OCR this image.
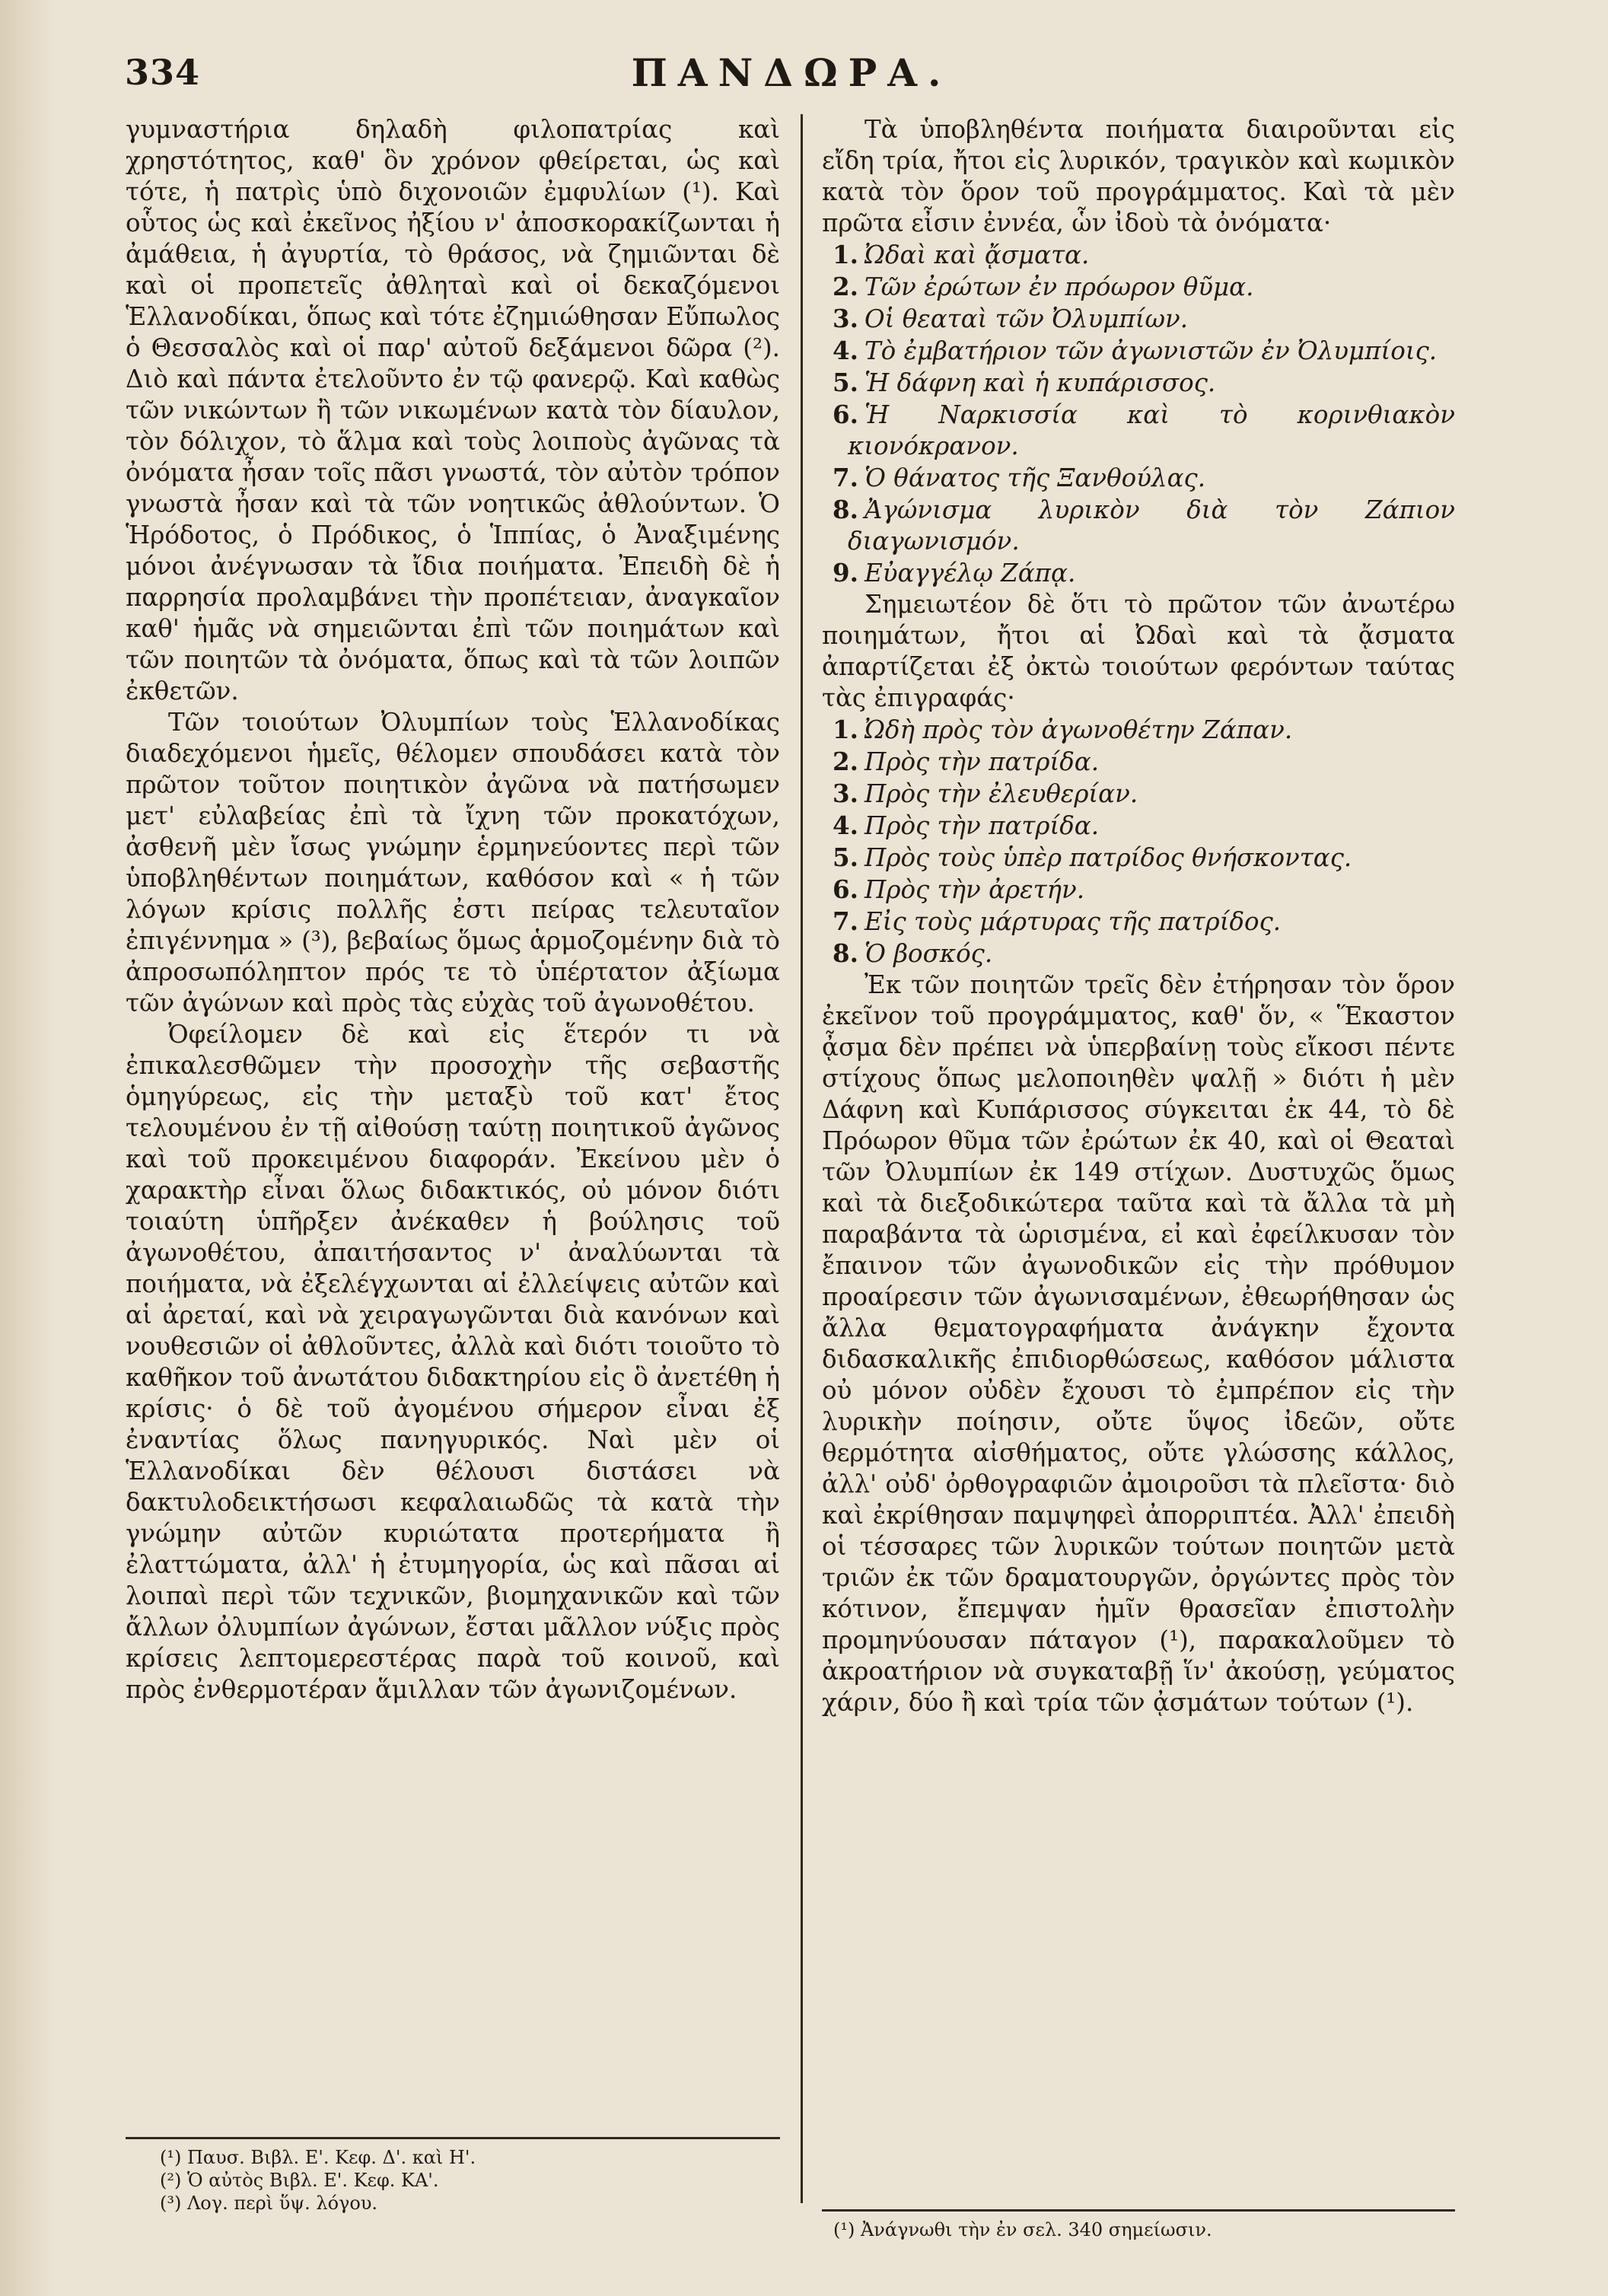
334	ΠΑΝΔΩΡΑ.

γυμναστήρια δηλαδὴ φιλοπατρίας καὶ χρηστότητος, καθ' ὃν χρόνον φθείρεται, ὡς καὶ τότε, ἡ πατρὶς ὑπὸ διχονοιῶν ἐμφυλίων (¹). Καὶ οὗτος ὡς καὶ ἐκεῖνος ἠξίου ν' ἀποσκορακίζωνται ἡ ἀμάθεια, ἡ ἀγυρτία, τὸ θράσος, νὰ ζημιῶνται δὲ καὶ οἱ προπετεῖς ἀθληταὶ καὶ οἱ δεκαζόμενοι Ἑλλανοδίκαι, ὅπως καὶ τότε ἐζημιώθησαν Εὔπωλος ὁ Θεσσαλὸς καὶ οἱ παρ' αὐτοῦ δεξάμενοι δῶρα (²). Διὸ καὶ πάντα ἐτελοῦντο ἐν τῷ φανερῷ. Καὶ καθὼς τῶν νικώντων ἢ τῶν νικωμένων κατὰ τὸν δίαυλον, τὸν δόλιχον, τὸ ἅλμα καὶ τοὺς λοιποὺς ἀγῶνας τὰ ὀνόματα ἦσαν τοῖς πᾶσι γνωστά, τὸν αὐτὸν τρόπον γνωστὰ ἦσαν καὶ τὰ τῶν νοητικῶς ἀθλούντων. Ὁ Ἡρόδοτος, ὁ Πρόδικος, ὁ Ἱππίας, ὁ Ἀναξιμένης μόνοι ἀνέγνωσαν τὰ ἴδια ποιήματα. Ἐπειδὴ δὲ ἡ παρρησία προλαμβάνει τὴν προπέτειαν, ἀναγκαῖον καθ' ἡμᾶς νὰ σημειῶνται ἐπὶ τῶν ποιημάτων καὶ τῶν ποιητῶν τὰ ὀνόματα, ὅπως καὶ τὰ τῶν λοιπῶν ἐκθετῶν.

Τῶν τοιούτων Ὀλυμπίων τοὺς Ἑλλανοδίκας διαδεχόμενοι ἡμεῖς, θέλομεν σπουδάσει κατὰ τὸν πρῶτον τοῦτον ποιητικὸν ἀγῶνα νὰ πατήσωμεν μετ' εὐλαβείας ἐπὶ τὰ ἴχνη τῶν προκατόχων, ἀσθενῆ μὲν ἴσως γνώμην ἑρμηνεύοντες περὶ τῶν ὑποβληθέντων ποιημάτων, καθόσον καὶ « ἡ τῶν λόγων κρίσις πολλῆς ἐστι πείρας τελευταῖον ἐπιγέννημα » (³), βεβαίως ὅμως ἁρμοζομένην διὰ τὸ ἀπροσωπόληπτον πρός τε τὸ ὑπέρτατον ἀξίωμα τῶν ἀγώνων καὶ πρὸς τὰς εὐχὰς τοῦ ἀγωνοθέτου.

Ὀφείλομεν δὲ καὶ εἰς ἕτερόν τι νὰ ἐπικαλεσθῶμεν τὴν προσοχὴν τῆς σεβαστῆς ὁμηγύρεως, εἰς τὴν μεταξὺ τοῦ κατ' ἔτος τελουμένου ἐν τῇ αἰθούσῃ ταύτῃ ποιητικοῦ ἀγῶνος καὶ τοῦ προκειμένου διαφοράν. Ἐκείνου μὲν ὁ χαρακτὴρ εἶναι ὅλως διδακτικός, οὐ μόνον διότι τοιαύτη ὑπῆρξεν ἀνέκαθεν ἡ βούλησις τοῦ ἀγωνοθέτου, ἀπαιτήσαντος ν' ἀναλύωνται τὰ ποιήματα, νὰ ἐξελέγχωνται αἱ ἐλλείψεις αὐτῶν καὶ αἱ ἀρεταί, καὶ νὰ χειραγωγῶνται διὰ κανόνων καὶ νουθεσιῶν οἱ ἀθλοῦντες, ἀλλὰ καὶ διότι τοιοῦτο τὸ καθῆκον τοῦ ἀνωτάτου διδακτηρίου εἰς ὃ ἀνετέθη ἡ κρίσις· ὁ δὲ τοῦ ἀγομένου σήμερον εἶναι ἐξ ἐναντίας ὅλως πανηγυρικός. Ναὶ μὲν οἱ Ἑλλανοδίκαι δὲν θέλουσι διστάσει νὰ δακτυλοδεικτήσωσι κεφαλαιωδῶς τὰ κατὰ τὴν γνώμην αὐτῶν κυριώτατα προτερήματα ἢ ἐλαττώματα, ἀλλ' ἡ ἐτυμηγορία, ὡς καὶ πᾶσαι αἱ λοιπαὶ περὶ τῶν τεχνικῶν, βιομηχανικῶν καὶ τῶν ἄλλων ὀλυμπίων ἀγώνων, ἔσται μᾶλλον νύξις πρὸς κρίσεις λεπτομερεστέρας παρὰ τοῦ κοινοῦ, καὶ πρὸς ἐνθερμοτέραν ἅμιλλαν τῶν ἀγωνιζομένων.

Τὰ ὑποβληθέντα ποιήματα διαιροῦνται εἰς εἴδη τρία, ἤτοι εἰς λυρικόν, τραγικὸν καὶ κωμικὸν κατὰ τὸν ὅρον τοῦ προγράμματος. Καὶ τὰ μὲν πρῶτα εἶσιν ἐννέα, ὧν ἰδοὺ τὰ ὀνόματα·

1. Ὠδαὶ καὶ ᾄσματα.
2. Τῶν ἐρώτων ἐν πρόωρον θῦμα.
3. Οἱ θεαταὶ τῶν Ὀλυμπίων.
4. Τὸ ἐμβατήριον τῶν ἀγωνιστῶν ἐν Ὀλυμπίοις.
5. Ἡ δάφνη καὶ ἡ κυπάρισσος.
6. Ἡ Ναρκισσία καὶ τὸ κορινθιακὸν κιονόκρανον.
7. Ὁ θάνατος τῆς Ξανθούλας.
8. Ἀγώνισμα λυρικὸν διὰ τὸν Ζάπιον διαγωνισμόν.
9. Εὐαγγέλῳ Ζάπᾳ.

Σημειωτέον δὲ ὅτι τὸ πρῶτον τῶν ἀνωτέρω ποιημάτων, ἤτοι αἱ Ὠδαὶ καὶ τὰ ᾄσματα ἀπαρτίζεται ἐξ ὀκτὼ τοιούτων φερόντων ταύτας τὰς ἐπιγραφάς·

1. Ὠδὴ πρὸς τὸν ἀγωνοθέτην Ζάπαν.
2. Πρὸς τὴν πατρίδα.
3. Πρὸς τὴν ἐλευθερίαν.
4. Πρὸς τὴν πατρίδα.
5. Πρὸς τοὺς ὑπὲρ πατρίδος θνήσκοντας.
6. Πρὸς τὴν ἀρετήν.
7. Εἰς τοὺς μάρτυρας τῆς πατρίδος.
8. Ὁ βοσκός.

Ἐκ τῶν ποιητῶν τρεῖς δὲν ἐτήρησαν τὸν ὅρον ἐκεῖνον τοῦ προγράμματος, καθ' ὅν, « Ἕκαστον ᾆσμα δὲν πρέπει νὰ ὑπερβαίνῃ τοὺς εἴκοσι πέντε στίχους ὅπως μελοποιηθὲν ψαλῇ » διότι ἡ μὲν Δάφνη καὶ Κυπάρισσος σύγκειται ἐκ 44, τὸ δὲ Πρόωρον θῦμα τῶν ἐρώτων ἐκ 40, καὶ οἱ Θεαταὶ τῶν Ὀλυμπίων ἐκ 149 στίχων. Δυστυχῶς ὅμως καὶ τὰ διεξοδικώτερα ταῦτα καὶ τὰ ἄλλα τὰ μὴ παραβάντα τὰ ὡρισμένα, εἰ καὶ ἐφείλκυσαν τὸν ἔπαινον τῶν ἀγωνοδικῶν εἰς τὴν πρόθυμον προαίρεσιν τῶν ἀγωνισαμένων, ἐθεωρήθησαν ὡς ἄλλα θεματογραφήματα ἀνάγκην ἔχοντα διδασκαλικῆς ἐπιδιορθώσεως, καθόσον μάλιστα οὐ μόνον οὐδὲν ἔχουσι τὸ ἐμπρέπον εἰς τὴν λυρικὴν ποίησιν, οὔτε ὕψος ἰδεῶν, οὔτε θερμότητα αἰσθήματος, οὔτε γλώσσης κάλλος, ἀλλ' οὐδ' ὀρθογραφιῶν ἀμοιροῦσι τὰ πλεῖστα· διὸ καὶ ἐκρίθησαν παμψηφεὶ ἀπορριπτέα. Ἀλλ' ἐπειδὴ οἱ τέσσαρες τῶν λυρικῶν τούτων ποιητῶν μετὰ τριῶν ἐκ τῶν δραματουργῶν, ὀργώντες πρὸς τὸν κότινον, ἔπεμψαν ἡμῖν θρασεῖαν ἐπιστολὴν προμηνύουσαν πάταγον (¹), παρακαλοῦμεν τὸ ἀκροατήριον νὰ συγκαταβῇ ἵν' ἀκούσῃ, γεύματος χάριν, δύο ἢ καὶ τρία τῶν ᾀσμάτων τούτων (¹).

(¹) Παυσ. Βιβλ. Ε'. Κεφ. Δ'. καὶ Η'.
(²) Ὁ αὐτὸς Βιβλ. Ε'. Κεφ. ΚΑ'.
(³) Λογ. περὶ ὕψ. λόγου.
(¹) Ἀνάγνωθι τὴν ἐν σελ. 340 σημείωσιν.
